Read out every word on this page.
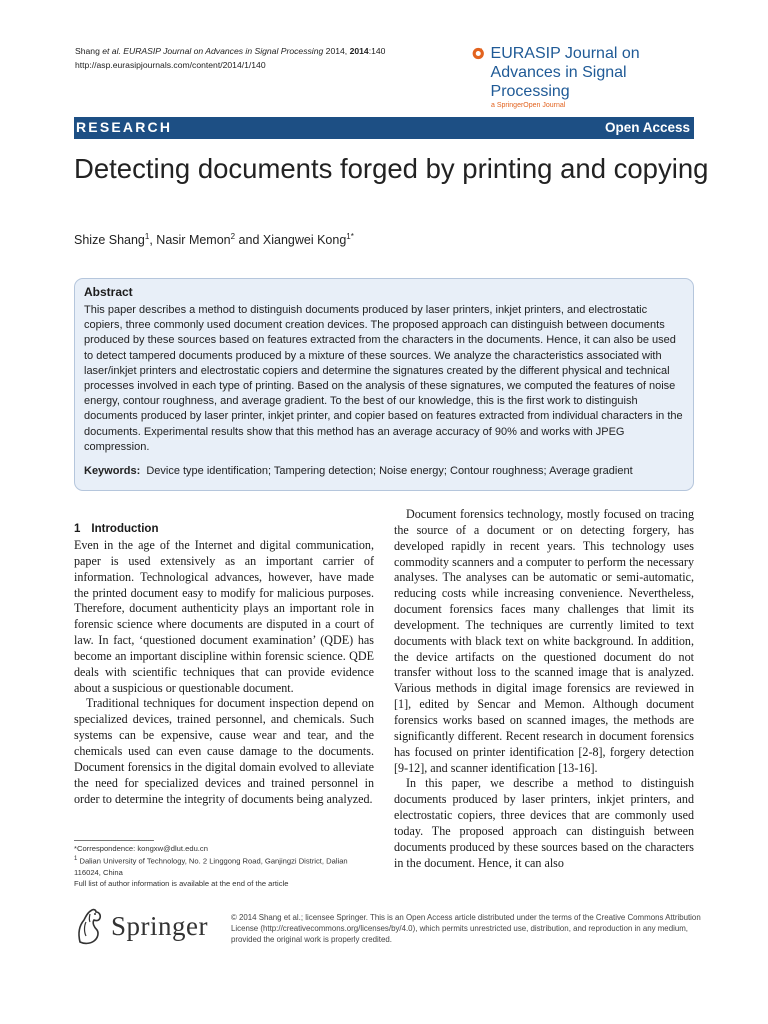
Shang et al. EURASIP Journal on Advances in Signal Processing 2014, 2014:140
http://asp.eurasipjournals.com/content/2014/1/140
EURASIP Journal on
Advances in Signal Processing
a SpringerOpen Journal
RESEARCH	Open Access
Detecting documents forged by printing and copying
Shize Shang$^1$, Nasir Memon$^2$ and Xiangwei Kong$^{1*}$
Abstract
This paper describes a method to distinguish documents produced by laser printers, inkjet printers, and electrostatic copiers, three commonly used document creation devices. The proposed approach can distinguish between documents produced by these sources based on features extracted from the characters in the documents. Hence, it can also be used to detect tampered documents produced by a mixture of these sources. We analyze the characteristics associated with laser/inkjet printers and electrostatic copiers and determine the signatures created by the different physical and technical processes involved in each type of printing. Based on the analysis of these signatures, we computed the features of noise energy, contour roughness, and average gradient. To the best of our knowledge, this is the first work to distinguish documents produced by laser printer, inkjet printer, and copier based on features extracted from individual characters in the documents. Experimental results show that this method has an average accuracy of 90% and works with JPEG compression.
Keywords: Device type identification; Tampering detection; Noise energy; Contour roughness; Average gradient
1 Introduction

Even in the age of the Internet and digital communication, paper is used extensively as an important carrier of information. Technological advances, however, have made the printed document easy to modify for malicious purposes. Therefore, document authenticity plays an important role in forensic science where documents are disputed in a court of law. In fact, ‘questioned document examination’ (QDE) has become an important discipline within forensic science. QDE deals with scientific techniques that can provide evidence about a suspicious or questionable document.

Traditional techniques for document inspection depend on specialized devices, trained personnel, and chemicals. Such systems can be expensive, cause wear and tear, and the chemicals used can even cause damage to the documents. Document forensics in the digital domain evolved to alleviate the need for specialized devices and trained personnel in order to determine the integrity of documents being analyzed.

Document forensics technology, mostly focused on tracing the source of a document or on detecting forgery, has developed rapidly in recent years. This technology uses commodity scanners and a computer to perform the necessary analyses. The analyses can be automatic or semi-automatic, reducing costs while increasing convenience. Nevertheless, document forensics faces many challenges that limit its development. The techniques are currently limited to text documents with black text on white background. In addition, the device artifacts on the questioned document do not transfer without loss to the scanned image that is analyzed. Various methods in digital image forensics are reviewed in [1], edited by Sencar and Memon. Although document forensics works based on scanned images, the methods are significantly different. Recent research in document forensics has focused on printer identification [2-8], forgery detection [9-12], and scanner identification [13-16].

In this paper, we describe a method to distinguish documents produced by laser printers, inkjet printers, and electrostatic copiers, three devices that are commonly used today. The proposed approach can distinguish between documents produced by these sources based on the characters in the document. Hence, it can also

*Correspondence: kongxw@dlut.edu.cn

$^1$ Dalian University of Technology, No. 2 Linggong Road, Ganjingzi District, Dalian 116024, China

Full list of author information is available at the end of the article

Springer	© 2014 Shang et al.; licensee Springer. This is an Open Access article distributed under the terms of the Creative Commons Attribution License (http://creativecommons.org/licenses/by/4.0), which permits unrestricted use, distribution, and reproduction in any medium, provided the original work is properly credited.
